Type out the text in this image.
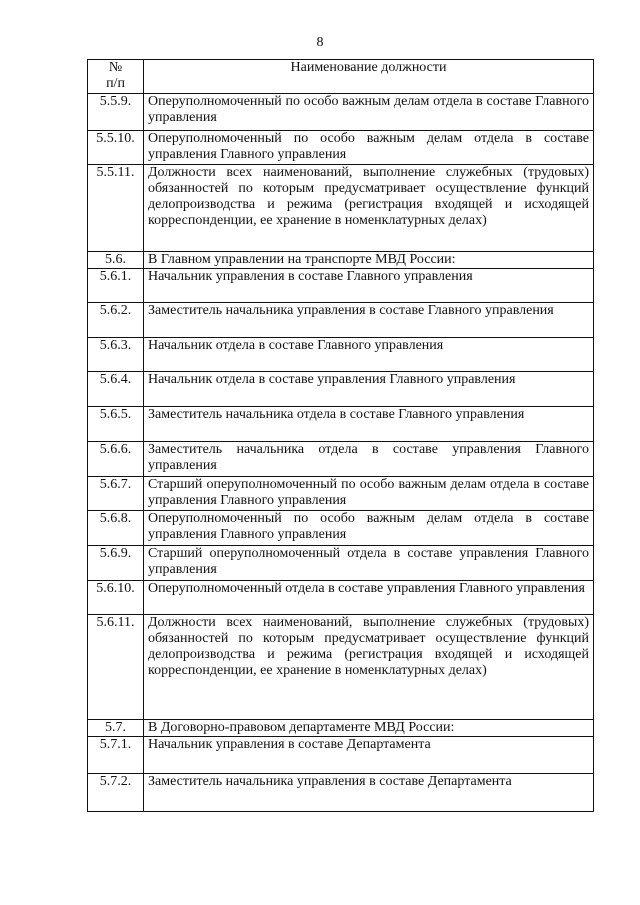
8
№
п/п	Наименование должности
5.5.9.	Оперуполномоченный по особо важным делам отдела в составе Главного управления
5.5.10.	Оперуполномоченный по особо важным делам отдела в составе управления Главного управления
5.5.11.	Должности всех наименований, выполнение служебных (трудовых) обязанностей по которым предусматривает осуществление функций делопроизводства и режима (регистрация входящей и исходящей корреспонденции, ее хранение в номенклатурных делах)
5.6.	В Главном управлении на транспорте МВД России:
5.6.1.	Начальник управления в составе Главного управления
5.6.2.	Заместитель начальника управления в составе Главного управления
5.6.3.	Начальник отдела в составе Главного управления
5.6.4.	Начальник отдела в составе управления Главного управления
5.6.5.	Заместитель начальника отдела в составе Главного управления
5.6.6.	Заместитель начальника отдела в составе управления Главного управления
5.6.7.	Старший оперуполномоченный по особо важным делам отдела в составе управления Главного управления
5.6.8.	Оперуполномоченный по особо важным делам отдела в составе управления Главного управления
5.6.9.	Старший оперуполномоченный отдела в составе управления Главного управления
5.6.10.	Оперуполномоченный отдела в составе управления Главного управления
5.6.11.	Должности всех наименований, выполнение служебных (трудовых) обязанностей по которым предусматривает осуществление функций делопроизводства и режима (регистрация входящей и исходящей корреспонденции, ее хранение в номенклатурных делах)
5.7.	В Договорно-правовом департаменте МВД России:
5.7.1.	Начальник управления в составе Департамента
5.7.2.	Заместитель начальника управления в составе Департамента
